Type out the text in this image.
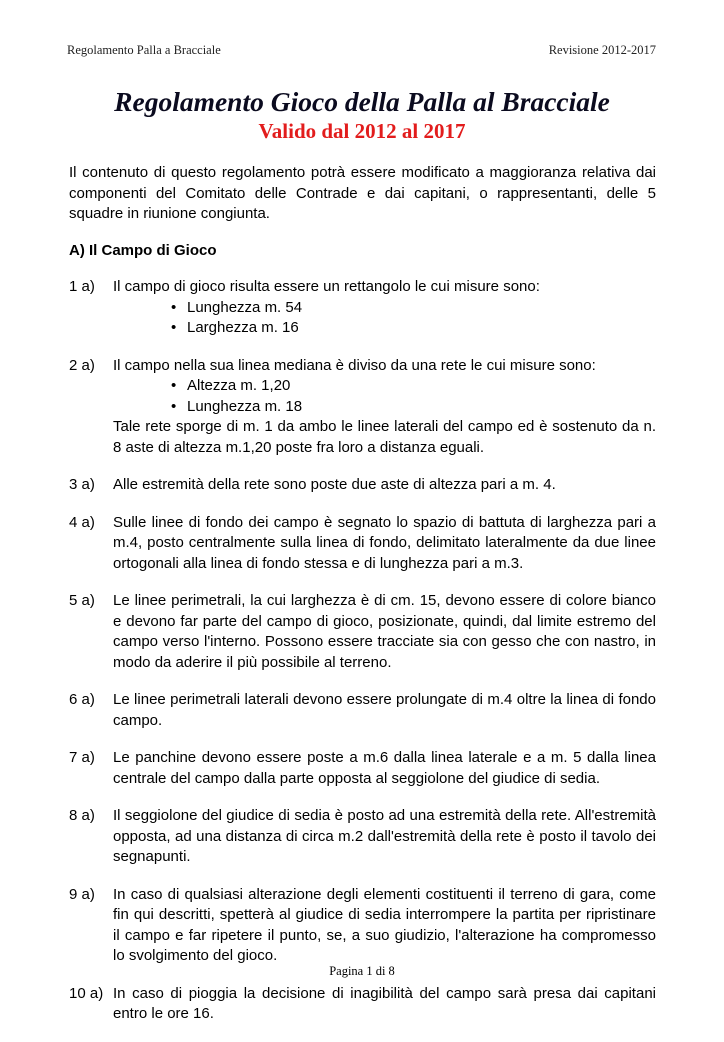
Regolamento Palla a Bracciale	Revisione 2012-2017
Regolamento Gioco della Palla al Bracciale
Valido dal 2012 al 2017

Il contenuto di questo regolamento potrà essere modificato a maggioranza relativa dai componenti del Comitato delle Contrade e dai capitani, o rappresentanti, delle 5 squadre in riunione congiunta.

A) Il Campo di Gioco
1 a)	Il campo di gioco risulta essere un rettangolo le cui misure sono:
• Lunghezza m. 54
• Larghezza m. 16
2 a)	Il campo nella sua linea mediana è diviso da una rete le cui misure sono:
• Altezza m. 1,20
• Lunghezza m. 18
Tale rete sporge di m. 1 da ambo le linee laterali del campo ed è sostenuto da n. 8 aste di altezza m.1,20 poste fra loro a distanza eguali.
3 a)	Alle estremità della rete sono poste due aste di altezza pari a m. 4.
4 a)	Sulle linee di fondo dei campo è segnato lo spazio di battuta di larghezza pari a m.4, posto centralmente sulla linea di fondo, delimitato lateralmente da due linee ortogonali alla linea di fondo stessa e di lunghezza pari a m.3.
5 a)	Le linee perimetrali, la cui larghezza è di cm. 15, devono essere di colore bianco e devono far parte del campo di gioco, posizionate, quindi, dal limite estremo del campo verso l'interno. Possono essere tracciate sia con gesso che con nastro, in modo da aderire il più possibile al terreno.
6 a)	Le linee perimetrali laterali devono essere prolungate di m.4 oltre la linea di fondo campo.
7 a)	Le panchine devono essere poste a m.6 dalla linea laterale e a m. 5 dalla linea centrale del campo dalla parte opposta al seggiolone del giudice di sedia.
8 a)	Il seggiolone del giudice di sedia è posto ad una estremità della rete. All'estremità opposta, ad una distanza di circa m.2 dall'estremità della rete è posto il tavolo dei segnapunti.
9 a)	In caso di qualsiasi alterazione degli elementi costituenti il terreno di gara, come fin qui descritti, spetterà al giudice di sedia interrompere la partita per ripristinare il campo e far ripetere il punto, se, a suo giudizio, l'alterazione ha compromesso lo svolgimento del gioco.
10 a) In caso di pioggia la decisione di inagibilità del campo sarà presa dai capitani entro le ore 16.
Pagina 1 di 8
